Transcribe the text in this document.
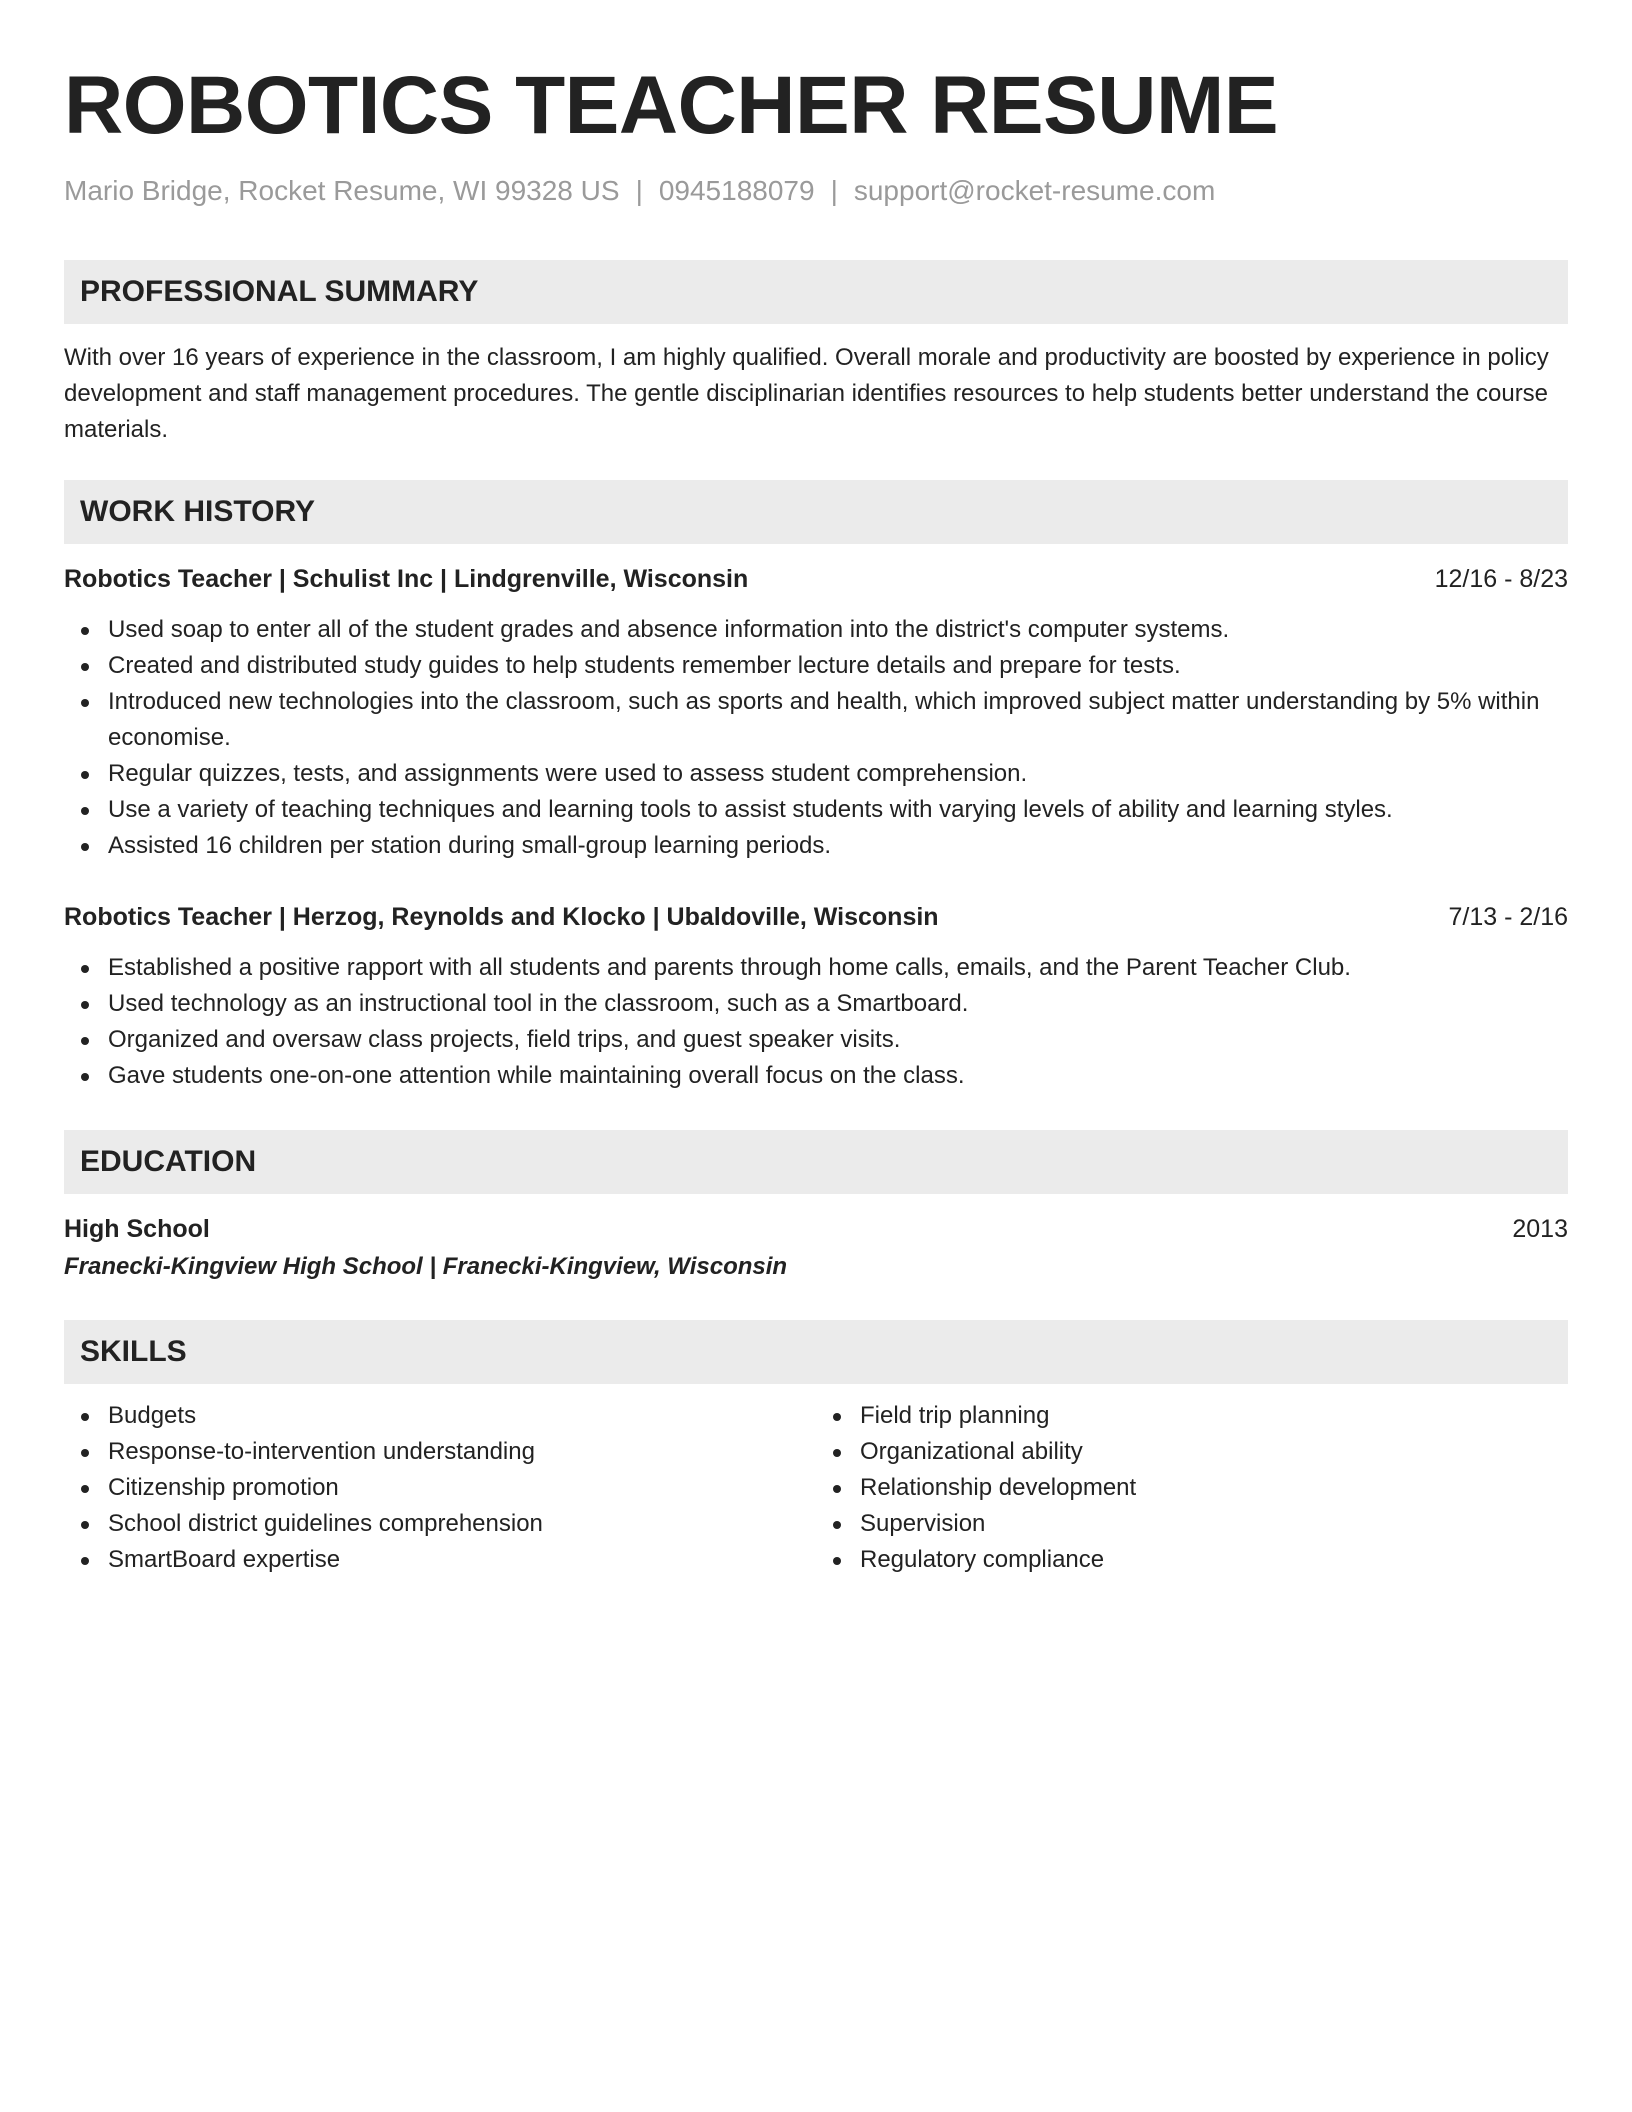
ROBOTICS TEACHER RESUME
Mario Bridge, Rocket Resume, WI 99328 US | 0945188079 | support@rocket-resume.com
PROFESSIONAL SUMMARY

With over 16 years of experience in the classroom, I am highly qualified. Overall morale and productivity are boosted by experience in policy development and staff management procedures. The gentle disciplinarian identifies resources to help students better understand the course materials.

WORK HISTORY
Robotics Teacher | Schulist Inc | Lindgrenville, Wisconsin	12/16 - 8/23
Used soap to enter all of the student grades and absence information into the district's computer systems.
Created and distributed study guides to help students remember lecture details and prepare for tests.
Introduced new technologies into the classroom, such as sports and health, which improved subject matter understanding by 5% within economise.
Regular quizzes, tests, and assignments were used to assess student comprehension.
Use a variety of teaching techniques and learning tools to assist students with varying levels of ability and learning styles.
Assisted 16 children per station during small-group learning periods.
Robotics Teacher | Herzog, Reynolds and Klocko | Ubaldoville, Wisconsin	7/13 - 2/16
Established a positive rapport with all students and parents through home calls, emails, and the Parent Teacher Club.
Used technology as an instructional tool in the classroom, such as a Smartboard.
Organized and oversaw class projects, field trips, and guest speaker visits.
Gave students one-on-one attention while maintaining overall focus on the class.
EDUCATION
High School	2013
Franecki-Kingview High School | Franecki-Kingview, Wisconsin
SKILLS
Budgets
Response-to-intervention understanding
Citizenship promotion
School district guidelines comprehension
SmartBoard expertise
Field trip planning
Organizational ability
Relationship development
Supervision
Regulatory compliance
